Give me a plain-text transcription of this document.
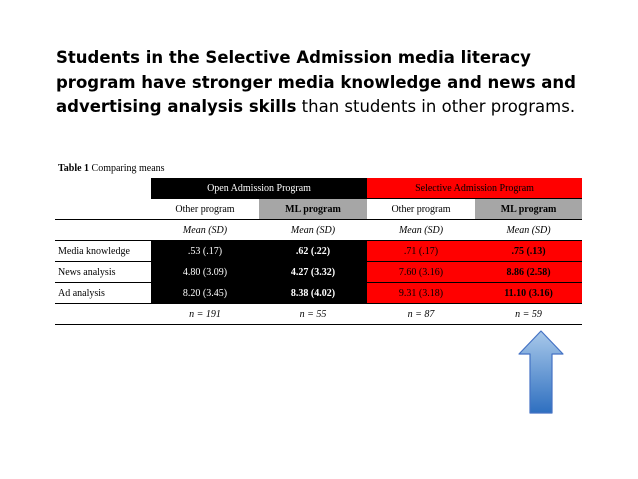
Students in the Selective Admission media literacy program have stronger media knowledge and news and advertising analysis skills than students in other programs.
Table 1 Comparing means
	Open Admission Program		Selective Admission Program	
	Other program	ML program	Other program	ML program
	Mean (SD)	Mean (SD)	Mean (SD)	Mean (SD)
Media knowledge	.53 (.17)	.62 (.22)	.71 (.17)	.75 (.13)
News analysis	4.80 (3.09)	4.27 (3.32)	7.60 (3.16)	8.86 (2.58)
Ad analysis	8.20 (3.45)	8.38 (4.02)	9.31 (3.18)	11.10 (3.16)
	n = 191	n = 55	n = 87	n = 59
